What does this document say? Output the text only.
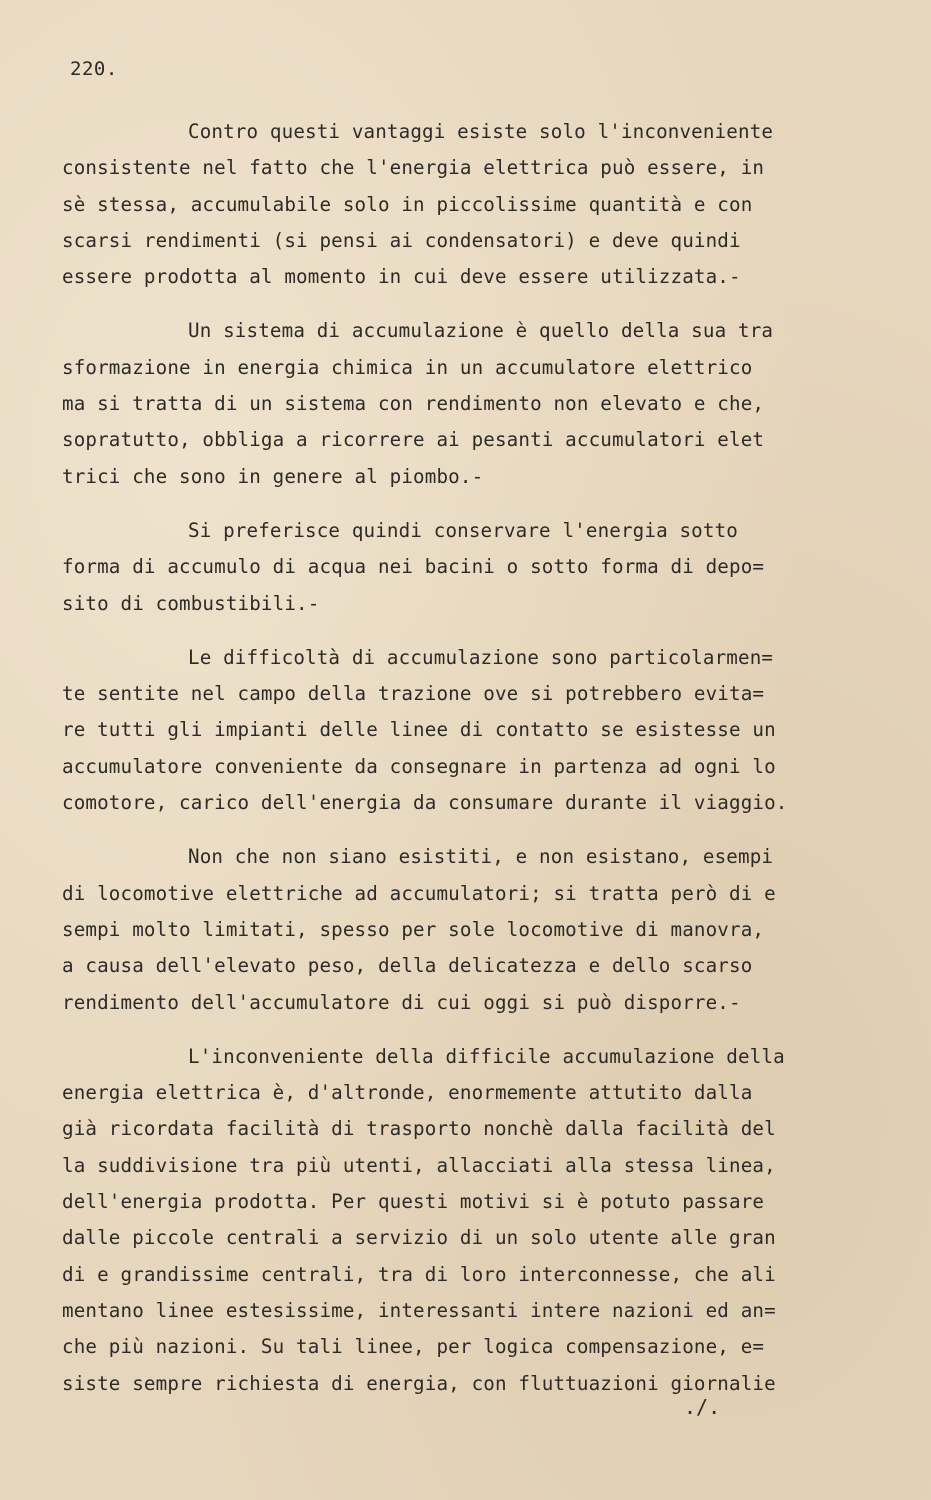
220.
Contro questi vantaggi esiste solo l'inconveniente
consistente nel fatto che l'energia elettrica può essere, in
sè stessa, accumulabile solo in piccolissime quantità e con
scarsi rendimenti (si pensi ai condensatori) e deve quindi
essere prodotta al momento in cui deve essere utilizzata.-
Un sistema di accumulazione è quello della sua tra
sformazione in energia chimica in un accumulatore elettrico
ma si tratta di un sistema con rendimento non elevato e che,
sopratutto, obbliga a ricorrere ai pesanti accumulatori elet
trici che sono in genere al piombo.-
Si preferisce quindi conservare l'energia sotto
forma di accumulo di acqua nei bacini o sotto forma di depo=
sito di combustibili.-
Le difficoltà di accumulazione sono particolarmen=
te sentite nel campo della trazione ove si potrebbero evita=
re tutti gli impianti delle linee di contatto se esistesse un
accumulatore conveniente da consegnare in partenza ad ogni lo
comotore, carico dell'energia da consumare durante il viaggio.
Non che non siano esistiti, e non esistano, esempi
di locomotive elettriche ad accumulatori; si tratta però di e
sempi molto limitati, spesso per sole locomotive di manovra,
a causa dell'elevato peso, della delicatezza e dello scarso
rendimento dell'accumulatore di cui oggi si può disporre.-
L'inconveniente della difficile accumulazione della
energia elettrica è, d'altronde, enormemente attutito dalla
già ricordata facilità di trasporto nonchè dalla facilità del
la suddivisione tra più utenti, allacciati alla stessa linea,
dell'energia prodotta. Per questi motivi si è potuto passare
dalle piccole centrali a servizio di un solo utente alle gran
di e grandissime centrali, tra di loro interconnesse, che ali
mentano linee estesissime, interessanti intere nazioni ed an=
che più nazioni. Su tali linee, per logica compensazione, e=
siste sempre richiesta di energia, con fluttuazioni giornalie
./.
